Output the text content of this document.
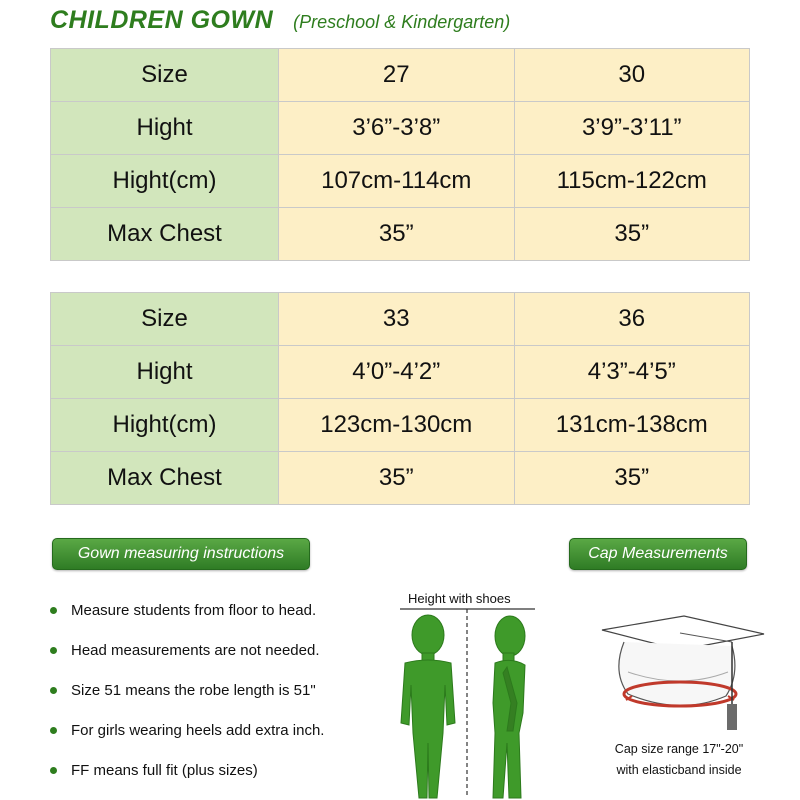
CHILDREN GOWN (Preschool & Kindergarten)
Size	27	30
Hight	3’6”-3’8”	3’9”-3’11”
Hight(cm)	107cm-114cm	115cm-122cm
Max Chest	35”	35”
Size	33	36
Hight	4’0”-4’2”	4’3”-4’5”
Hight(cm)	123cm-130cm	131cm-138cm
Max Chest	35”	35”
Gown measuring instructions	Cap Measurements
Measure students from floor to head.
Head measurements are not needed.
Size 51 means the robe length is 51"
For girls wearing heels add extra inch.
FF means full fit (plus sizes)
Height with shoes
Cap size range 17"-20"
with elasticband inside
